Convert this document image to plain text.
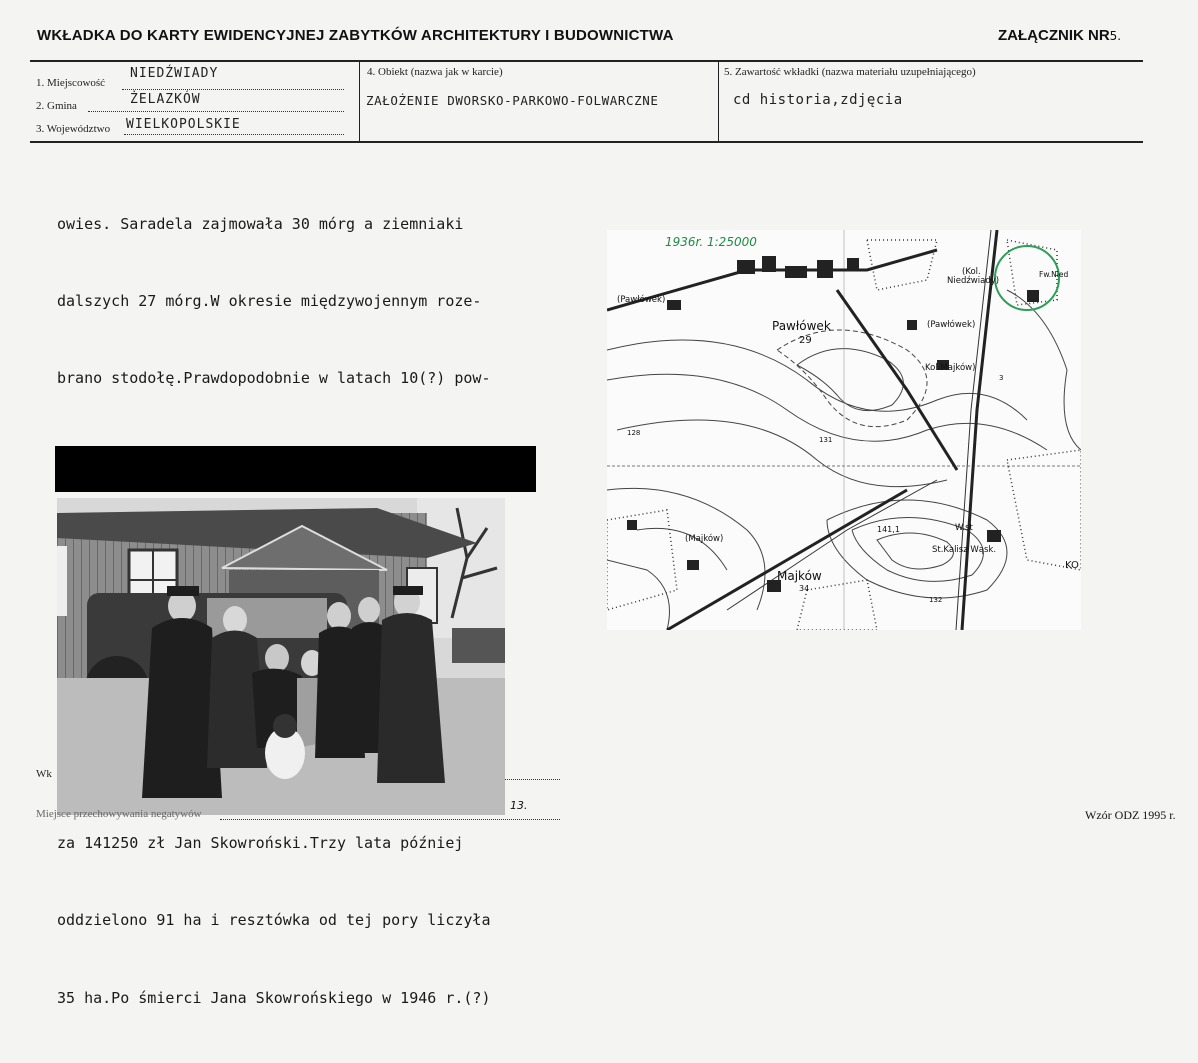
WKŁADKA DO KARTY EWIDENCYJNEJ ZABYTKÓW ARCHITEKTURY I BUDOWNICTWA	ZAŁĄCZNIK NR5.
1. Miejscowość
NIEDŹWIADY
2. Gmina	ŻELAZKÓW
3. Województwo WIELKOPOLSKIE
4. Obiekt (nazwa jak w karcie)
ZAŁOŻENIE DWORSKO-PARKOWO-FOLWARCZNE
5. Zawartość wkładki (nazwa materiału uzupełniającego)
cd historia,zdjęcia

owies. Saradela zajmowała 30 mórg a ziemniaki

dalszych 27 mórg.W okresie międzywojennym roze-

brano stodołę.Prawdopodobnie w latach 10(?) pow-

za 141250 zł Jan Skowroński.Trzy lata później

oddzielono 91 ha i resztówka od tej pory liczyła

35 ha.Po śmierci Jana Skowrońskiego w 1946 r.(?)

(Pawłówek)
Pawłówek
29
(Pawłówek)
(Kol.
Niedźwiady)
Fw.Nied
Kol.Majków)
128
131
3
(Majków)
Majków
34
141,1	W.st
St.Kalisz Wąsk.
132
KO
1936r. 1:25000
Wk
Miejsce przechowywania negatywów
13.
Wzór ODZ 1995 r.
